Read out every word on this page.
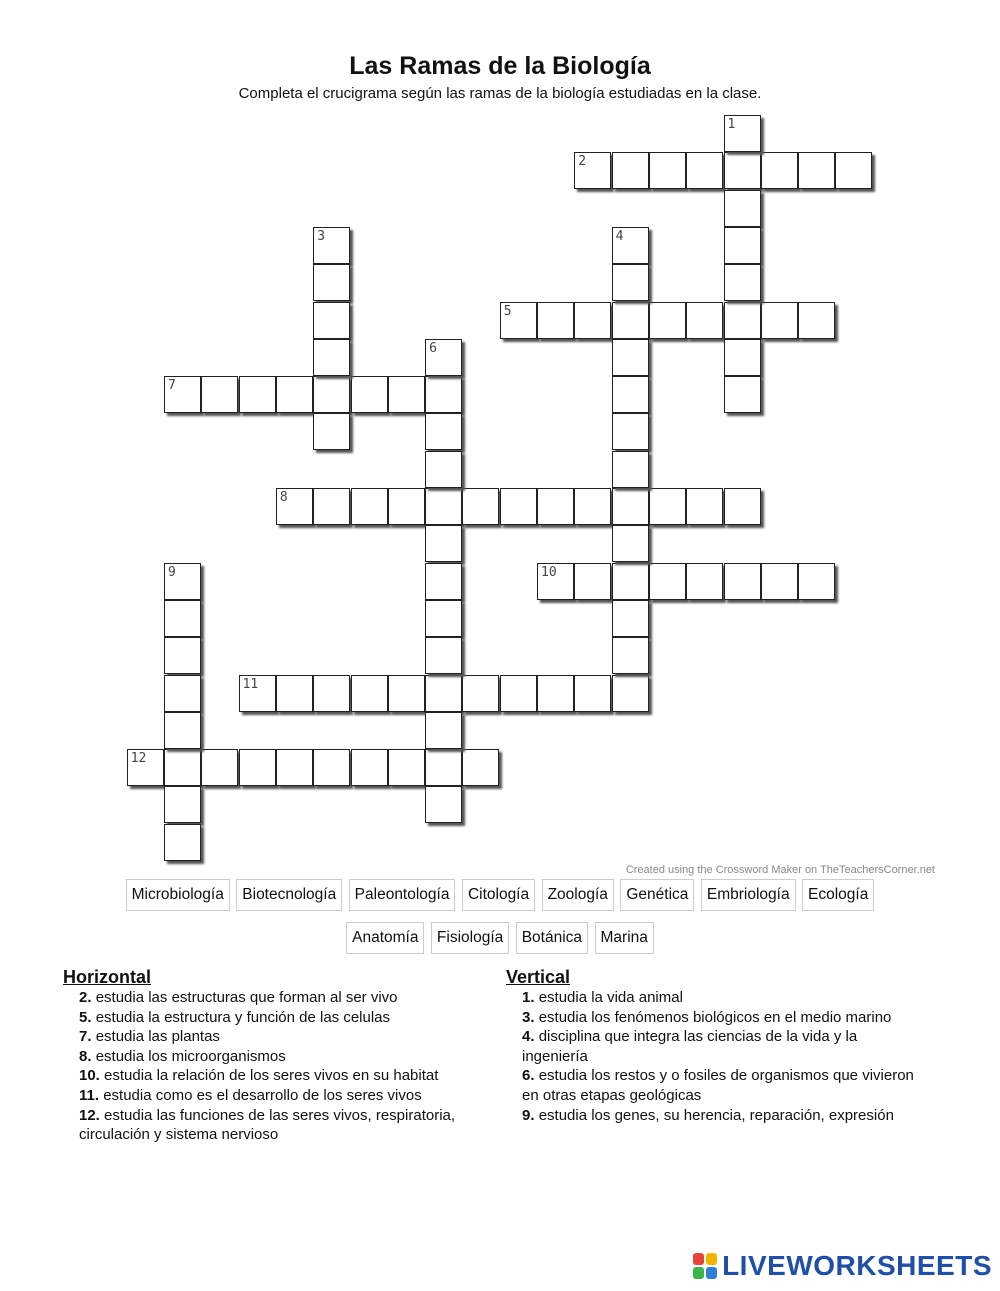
Las Ramas de la Biología
Completa el crucigrama según las ramas de la biología estudiadas en la clase.
2
5
7
8
10
11
12
1
3	4
6
9
Created using the Crossword Maker on TheTeachersCorner.net
Microbiología Biotecnología Paleontología Citología Zoología Genética Embriología Ecología
Anatomía Fisiología Botánica Marina
Horizontal
2. estudia las estructuras que forman al ser vivo
5. estudia la estructura y función de las celulas
7. estudia las plantas
8. estudia los microorganismos
10. estudia la relación de los seres vivos en su habitat
11. estudia como es el desarrollo de los seres vivos
12. estudia las funciones de las seres vivos, respiratoria, circulación y sistema nervioso
Vertical
1. estudia la vida animal
3. estudia los fenómenos biológicos en el medio marino
4. disciplina que integra las ciencias de la vida y la ingeniería
6. estudia los restos y o fosiles de organismos que vivieron en otras etapas geológicas
9. estudia los genes, su herencia, reparación, expresión
LIVEWORKSHEETS
